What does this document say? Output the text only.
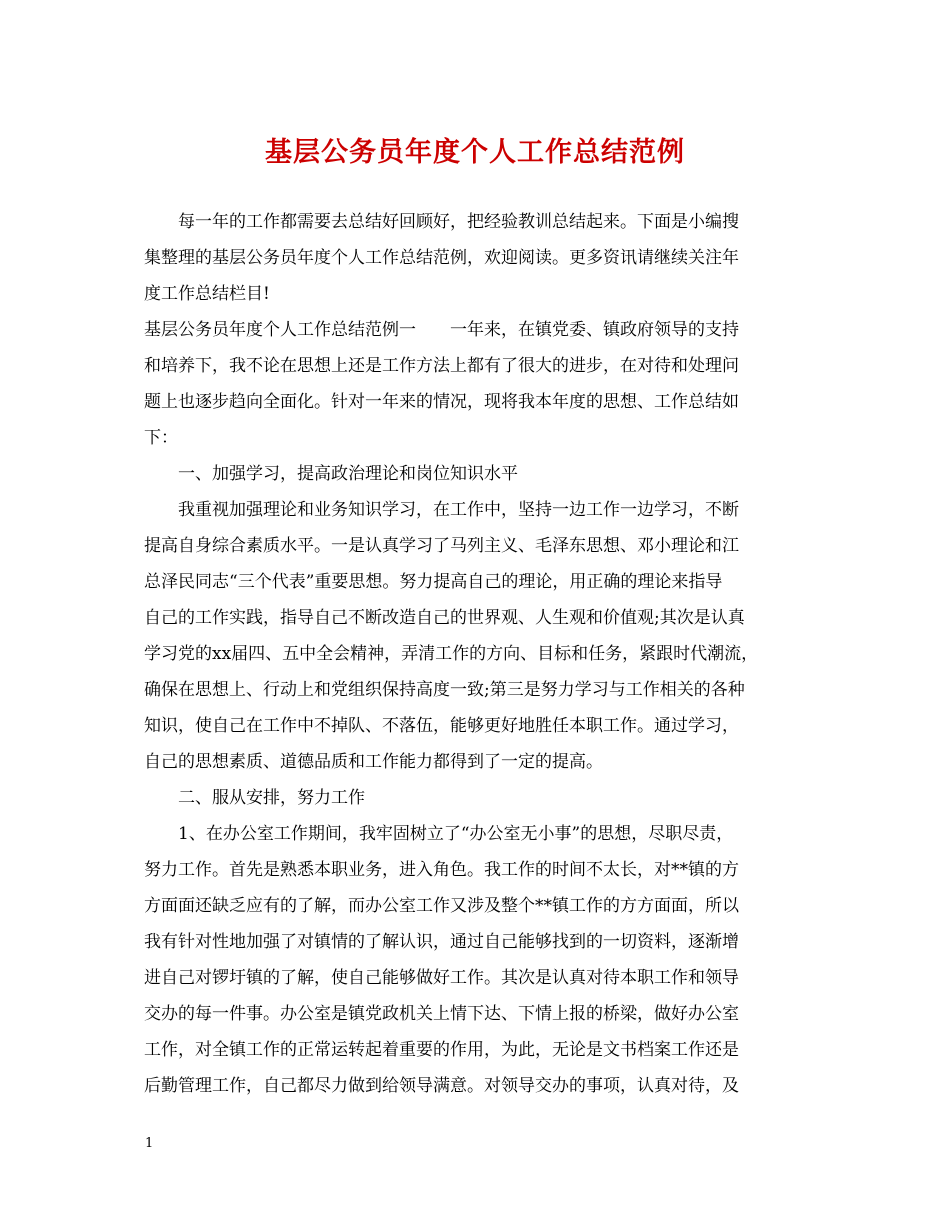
基层公务员年度个人工作总结范例
每一年的工作都需要去总结好回顾好，把经验教训总结起来。下面是小编搜
集整理的基层公务员年度个人工作总结范例，欢迎阅读。更多资讯请继续关注年
度工作总结栏目!
基层公务员年度个人工作总结范例一　　一年来，在镇党委、镇政府领导的支持
和培养下，我不论在思想上还是工作方法上都有了很大的进步，在对待和处理问
题上也逐步趋向全面化。针对一年来的情况，现将我本年度的思想、工作总结如
下：
一、加强学习，提高政治理论和岗位知识水平
我重视加强理论和业务知识学习，在工作中，坚持一边工作一边学习，不断
提高自身综合素质水平。一是认真学习了马列主义、毛泽东思想、邓小理论和江
总泽民同志“三个代表”重要思想。努力提高自己的理论，用正确的理论来指导
自己的工作实践，指导自己不断改造自己的世界观、人生观和价值观;其次是认真
学习党的xx届四、五中全会精神，弄清工作的方向、目标和任务，紧跟时代潮流，
确保在思想上、行动上和党组织保持高度一致;第三是努力学习与工作相关的各种
知识，使自己在工作中不掉队、不落伍，能够更好地胜任本职工作。通过学习，
自己的思想素质、道德品质和工作能力都得到了一定的提高。
二、服从安排，努力工作
1、在办公室工作期间，我牢固树立了“办公室无小事”的思想，尽职尽责，
努力工作。首先是熟悉本职业务，进入角色。我工作的时间不太长，对**镇的方
方面面还缺乏应有的了解，而办公室工作又涉及整个**镇工作的方方面面，所以
我有针对性地加强了对镇情的了解认识，通过自己能够找到的一切资料，逐渐增
进自己对锣圩镇的了解，使自己能够做好工作。其次是认真对待本职工作和领导
交办的每一件事。办公室是镇党政机关上情下达、下情上报的桥梁，做好办公室
工作，对全镇工作的正常运转起着重要的作用，为此，无论是文书档案工作还是
后勤管理工作，自己都尽力做到给领导满意。对领导交办的事项，认真对待，及
1
